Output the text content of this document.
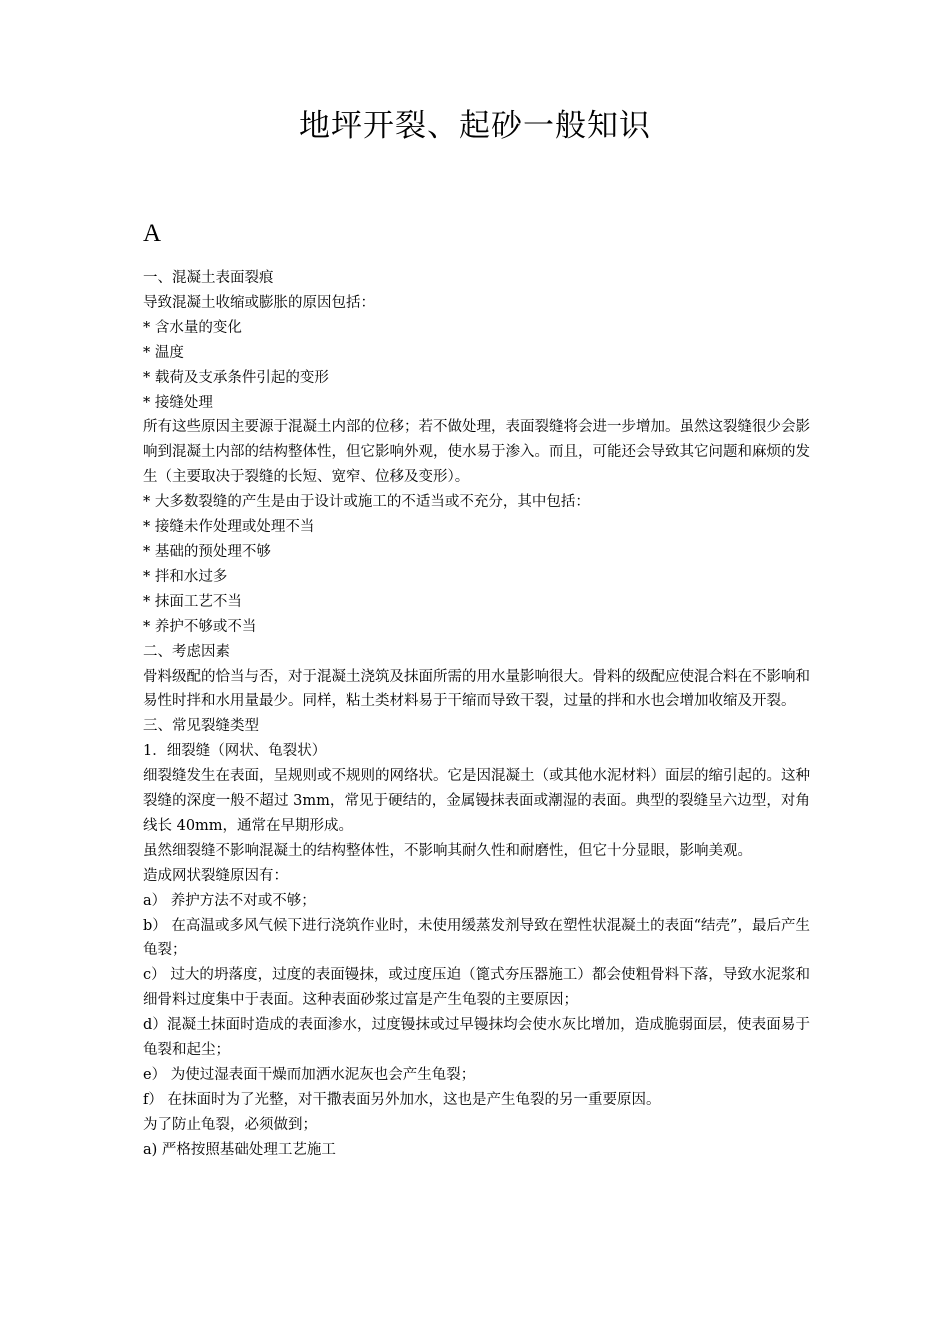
地坪开裂、起砂一般知识
A

一、混凝土表面裂痕

导致混凝土收缩或膨胀的原因包括：

* 含水量的变化

* 温度

* 载荷及支承条件引起的变形

* 接缝处理

所有这些原因主要源于混凝土内部的位移；若不做处理，表面裂缝将会进一步增加。虽然这裂缝很少会影响到混凝土内部的结构整体性，但它影响外观，使水易于渗入。而且，可能还会导致其它问题和麻烦的发生（主要取决于裂缝的长短、宽窄、位移及变形）。

* 大多数裂缝的产生是由于设计或施工的不适当或不充分，其中包括：

* 接缝未作处理或处理不当

* 基础的预处理不够

* 拌和水过多

* 抹面工艺不当

* 养护不够或不当

二、考虑因素

骨料级配的恰当与否，对于混凝土浇筑及抹面所需的用水量影响很大。骨料的级配应使混合料在不影响和易性时拌和水用量最少。同样，粘土类材料易于干缩而导致干裂，过量的拌和水也会增加收缩及开裂。

三、常见裂缝类型

1．细裂缝（网状、龟裂状）

细裂缝发生在表面，呈规则或不规则的网络状。它是因混凝土（或其他水泥材料）面层的缩引起的。这种裂缝的深度一般不超过 3mm，常见于硬结的，金属镘抹表面或潮湿的表面。典型的裂缝呈六边型，对角线长 40mm，通常在早期形成。

虽然细裂缝不影响混凝土的结构整体性，不影响其耐久性和耐磨性，但它十分显眼，影响美观。

造成网状裂缝原因有：

a） 养护方法不对或不够；

b） 在高温或多风气候下进行浇筑作业时，未使用缓蒸发剂导致在塑性状混凝土的表面“结壳”，最后产生龟裂；

c） 过大的坍落度，过度的表面镘抹，或过度压迫（篦式夯压器施工）都会使粗骨料下落，导致水泥浆和细骨料过度集中于表面。这种表面砂浆过富是产生龟裂的主要原因；

d）混凝土抹面时造成的表面渗水，过度镘抹或过早镘抹均会使水灰比增加，造成脆弱面层，使表面易于龟裂和起尘；

e） 为使过湿表面干燥而加洒水泥灰也会产生龟裂；

f） 在抹面时为了光整，对干撒表面另外加水，这也是产生龟裂的另一重要原因。

为了防止龟裂，必须做到；

a) 严格按照基础处理工艺施工
